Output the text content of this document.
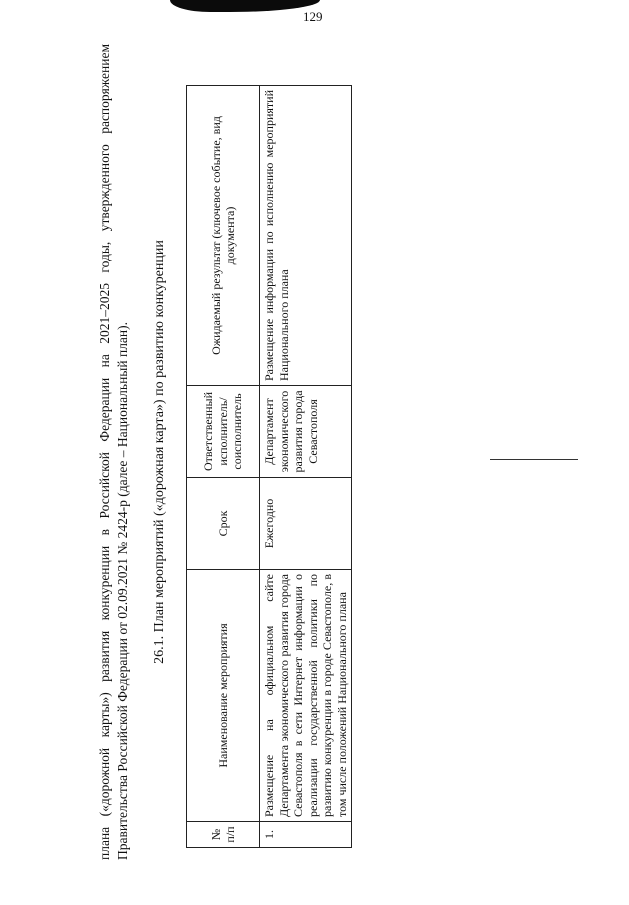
129
плана («дорожной карты») развития конкуренции в Российской Федерации на 2021–2025 годы, утвержденного распоряжением Правительства Российской Федерации от 02.09.2021 № 2424-р (далее – Национальный план). 26.1. План мероприятий («дорожная карта») по развитию конкуренции
№ п/п	Наименование мероприятия	Срок	Ответственный исполнитель/ соисполнитель	Ожидаемый результат (ключевое событие, вид документа)
1.	Размещение на официальном сайте Департамента экономического развития города Севастополя в сети Интернет информации о реализации государственной политики по развитию конкуренции в городе Севастополе, в том числе положений Национального плана	Ежегодно	Департамент экономического развития города Севастополя	Размещение информации по исполнению мероприятий Национального плана
